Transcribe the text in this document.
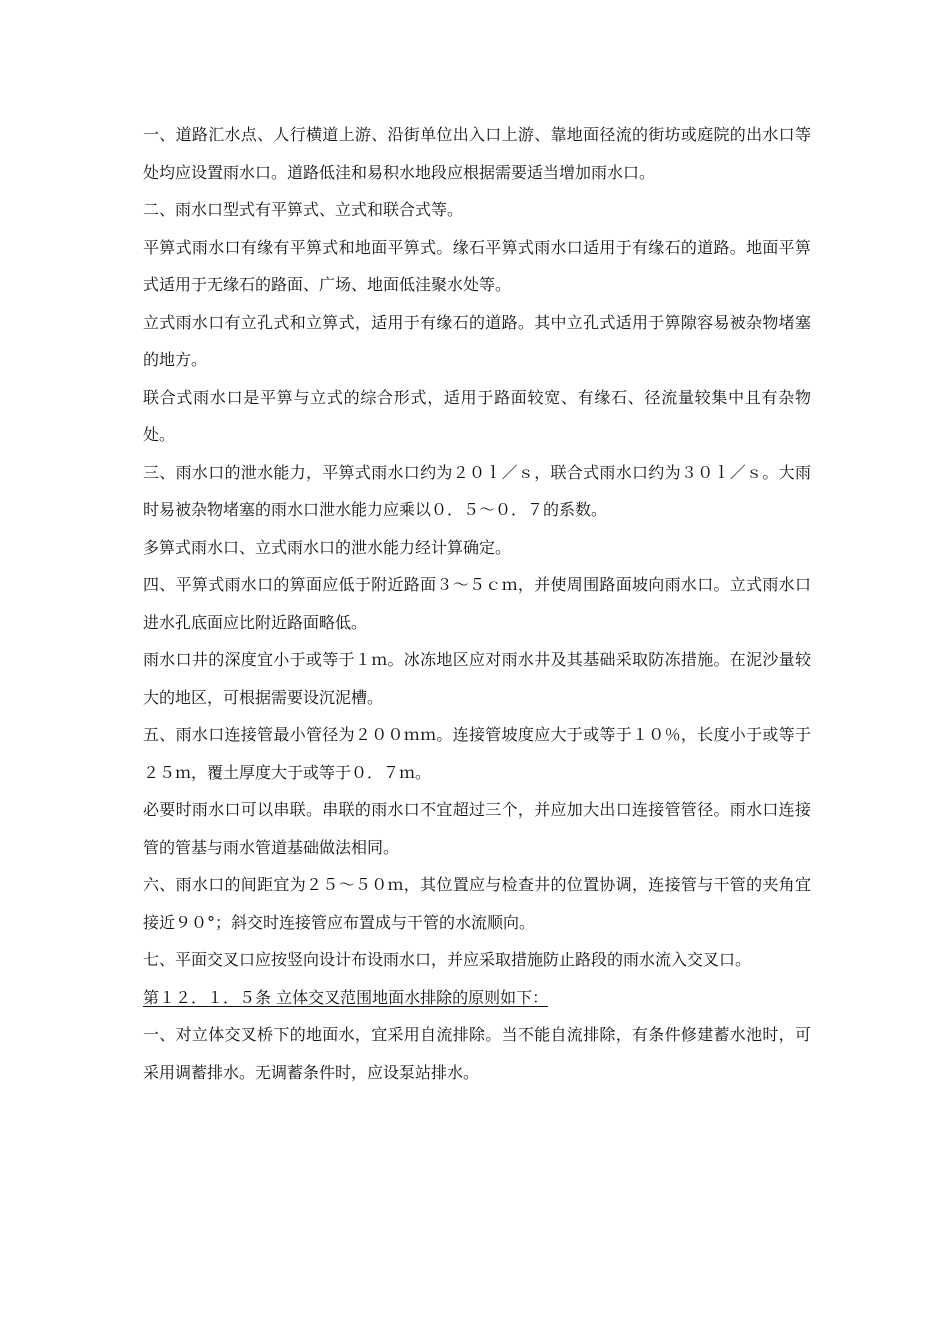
一、道路汇水点、人行横道上游、沿街单位出入口上游、靠地面径流的街坊或庭院的出水口等处均应设置雨水口。道路低洼和易积水地段应根据需要适当增加雨水口。

二、雨水口型式有平箅式、立式和联合式等。

平箅式雨水口有缘有平箅式和地面平箅式。缘石平箅式雨水口适用于有缘石的道路。地面平箅式适用于无缘石的路面、广场、地面低洼聚水处等。

立式雨水口有立孔式和立箅式，适用于有缘石的道路。其中立孔式适用于箅隙容易被杂物堵塞的地方。

联合式雨水口是平箅与立式的综合形式，适用于路面较宽、有缘石、径流量较集中且有杂物处。

三、雨水口的泄水能力，平箅式雨水口约为２０ｌ／ｓ，联合式雨水口约为３０ｌ／ｓ。大雨时易被杂物堵塞的雨水口泄水能力应乘以０．５～０．７的系数。

多箅式雨水口、立式雨水口的泄水能力经计算确定。

四、平箅式雨水口的箅面应低于附近路面３～５ｃｍ，并使周围路面坡向雨水口。立式雨水口进水孔底面应比附近路面略低。

雨水口井的深度宜小于或等于１ｍ。冰冻地区应对雨水井及其基础采取防冻措施。在泥沙量较大的地区，可根据需要设沉泥槽。

五、雨水口连接管最小管径为２００ｍｍ。连接管坡度应大于或等于１０％，长度小于或等于２５ｍ，覆土厚度大于或等于０．７ｍ。

必要时雨水口可以串联。串联的雨水口不宜超过三个，并应加大出口连接管管径。雨水口连接管的管基与雨水管道基础做法相同。

六、雨水口的间距宜为２５～５０ｍ，其位置应与检查井的位置协调，连接管与干管的夹角宜接近９０°；斜交时连接管应布置成与干管的水流顺向。

七、平面交叉口应按竖向设计布设雨水口，并应采取措施防止路段的雨水流入交叉口。

第１２．１．５条 立体交叉范围地面水排除的原则如下：

一、对立体交叉桥下的地面水，宜采用自流排除。当不能自流排除，有条件修建蓄水池时，可采用调蓄排水。无调蓄条件时，应设泵站排水。
